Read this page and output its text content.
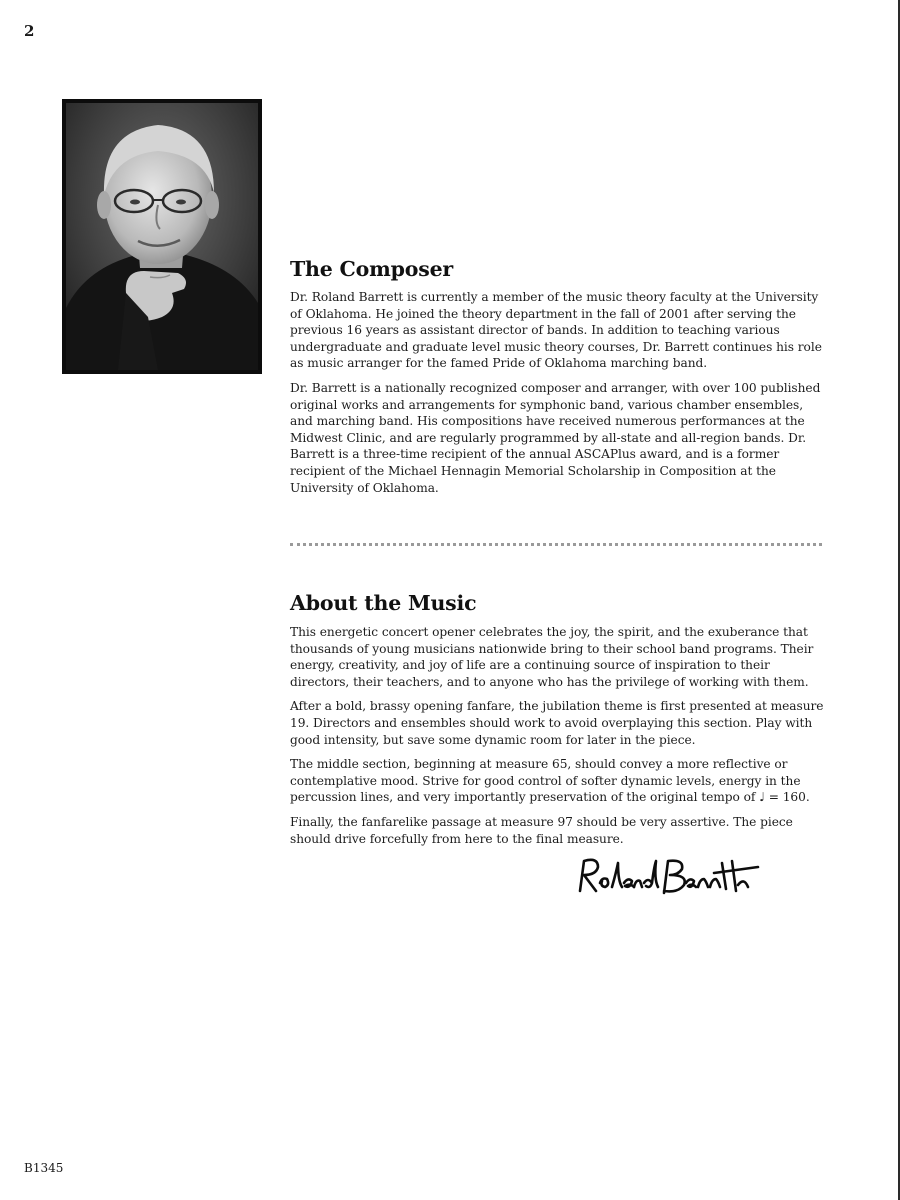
2
The Composer

Dr. Roland Barrett is currently a member of the music theory faculty at the University of Oklahoma. He joined the theory department in the fall of 2001 after serving the previous 16 years as assistant director of bands. In addition to teaching various undergraduate and graduate level music theory courses, Dr. Barrett continues his role as music arranger for the famed Pride of Oklahoma marching band.

Dr. Barrett is a nationally recognized composer and arranger, with over 100 published original works and arrangements for symphonic band, various chamber ensembles, and marching band. His compositions have received numerous performances at the Midwest Clinic, and are regularly programmed by all-state and all-region bands. Dr. Barrett is a three-time recipient of the annual ASCAPlus award, and is a former recipient of the Michael Hennagin Memorial Scholarship in Composition at the University of Oklahoma.

About the Music

This energetic concert opener celebrates the joy, the spirit, and the exuberance that thousands of young musicians nationwide bring to their school band programs. Their energy, creativity, and joy of life are a continuing source of inspiration to their directors, their teachers, and to anyone who has the privilege of working with them.

After a bold, brassy opening fanfare, the jubilation theme is first presented at measure 19. Directors and ensembles should work to avoid overplaying this section. Play with good intensity, but save some dynamic room for later in the piece.

The middle section, beginning at measure 65, should convey a more reflective or contemplative mood. Strive for good control of softer dynamic levels, energy in the percussion lines, and very importantly preservation of the original tempo of ♩ = 160.

Finally, the fanfarelike passage at measure 97 should be very assertive. The piece should drive forcefully from here to the final measure.

B1345
